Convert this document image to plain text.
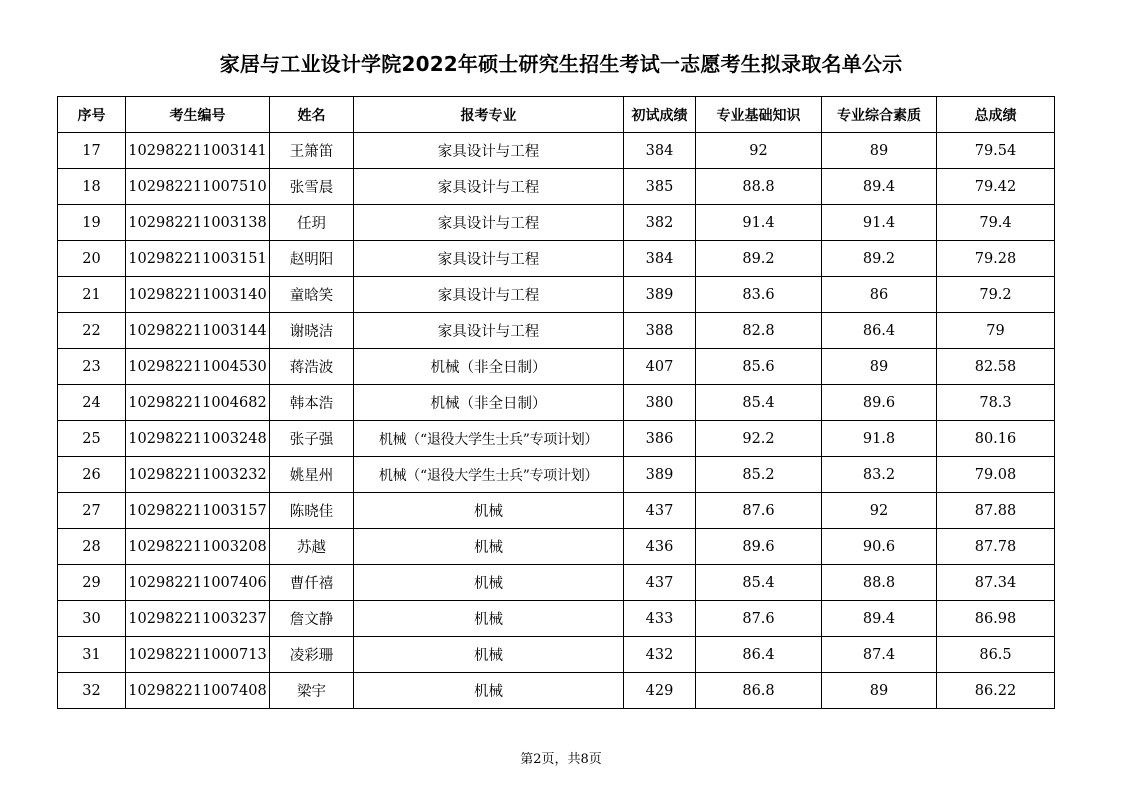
家居与工业设计学院2022年硕士研究生招生考试一志愿考生拟录取名单公示
序号	考生编号	姓名	报考专业	初试成绩	专业基础知识	专业综合素质	总成绩
17	102982211003141	王箫笛	家具设计与工程	384	92	89	79.54
18	102982211007510	张雪晨	家具设计与工程	385	88.8	89.4	79.42
19	102982211003138	任玥	家具设计与工程	382	91.4	91.4	79.4
20	102982211003151	赵明阳	家具设计与工程	384	89.2	89.2	79.28
21	102982211003140	童晗笑	家具设计与工程	389	83.6	86	79.2
22	102982211003144	谢晓洁	家具设计与工程	388	82.8	86.4	79
23	102982211004530	蒋浩波	机械（非全日制）	407	85.6	89	82.58
24	102982211004682	韩本浩	机械（非全日制）	380	85.4	89.6	78.3
25	102982211003248	张子强	机械（“退役大学生士兵”专项计划）	386	92.2	91.8	80.16
26	102982211003232	姚星州	机械（“退役大学生士兵”专项计划）	389	85.2	83.2	79.08
27	102982211003157	陈晓佳	机械	437	87.6	92	87.88
28	102982211003208	苏越	机械	436	89.6	90.6	87.78
29	102982211007406	曹仟禧	机械	437	85.4	88.8	87.34
30	102982211003237	詹文静	机械	433	87.6	89.4	86.98
31	102982211000713	凌彩珊	机械	432	86.4	87.4	86.5
32	102982211007408	梁宇	机械	429	86.8	89	86.22
第2页，共8页
